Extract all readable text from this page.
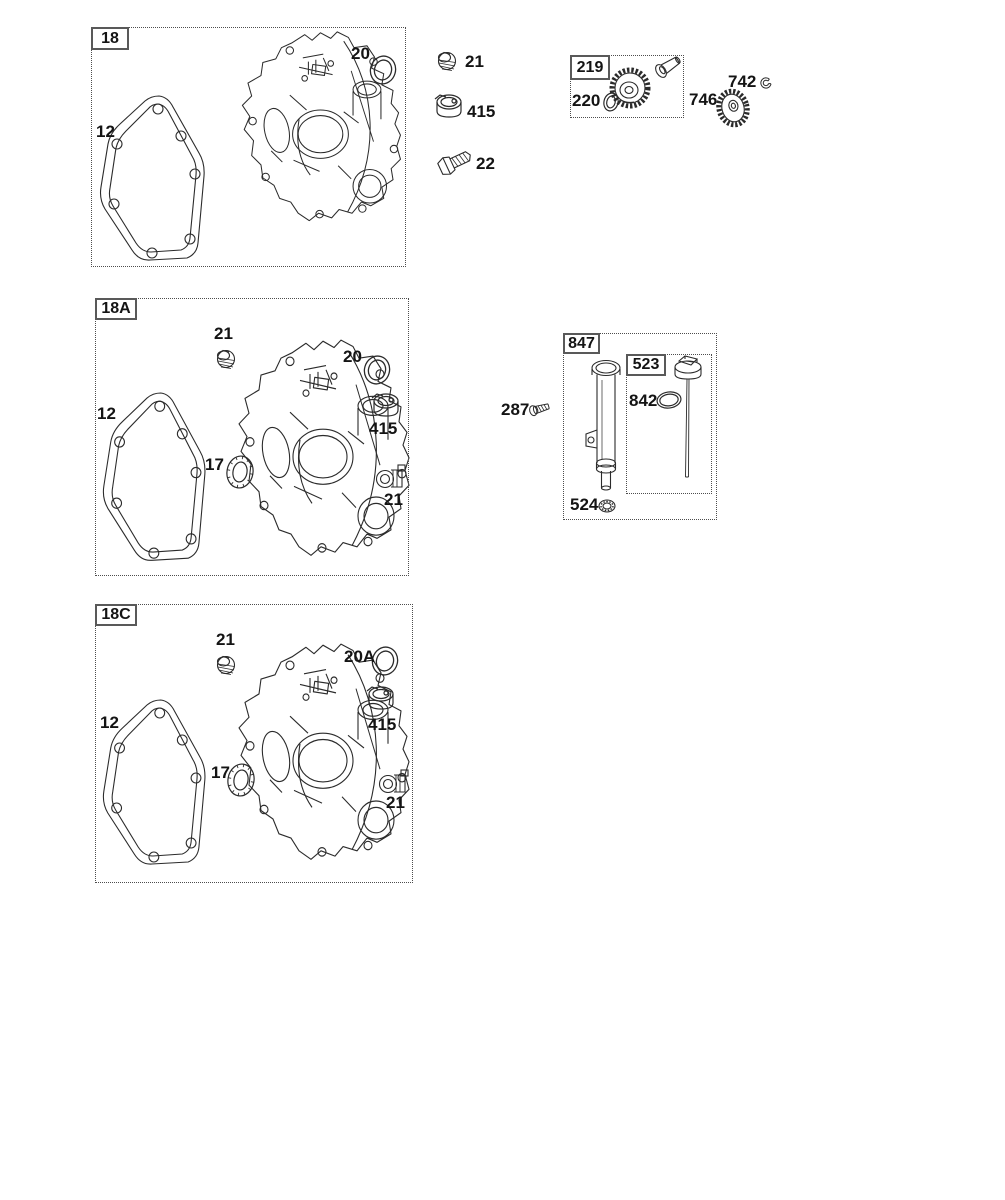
18
219
18A
847
523
18C
12
20	21
415
22
220	746
742
21
20
415
12
17
21
287
524
842
21
20A
415
12
17
21
